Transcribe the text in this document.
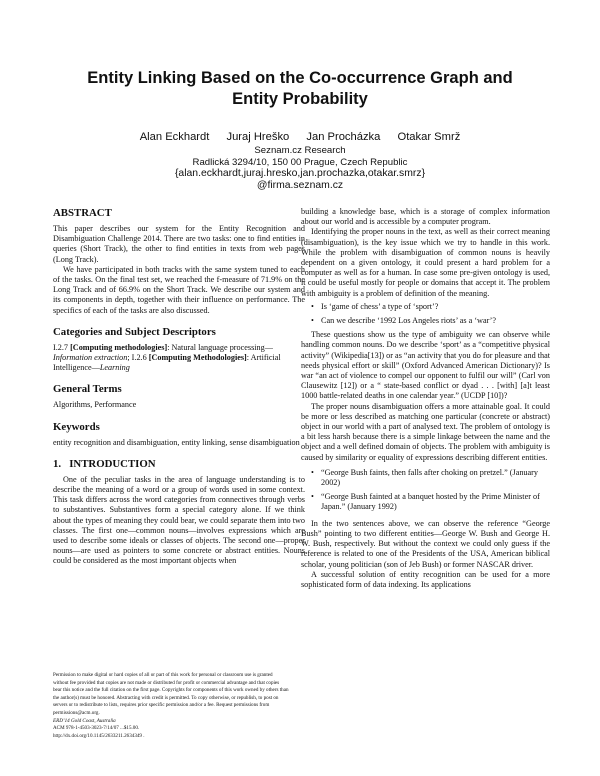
Entity Linking Based on the Co-occurrence Graph and
Entity Probability
Alan Eckhardt Juraj Hreško Jan Procházka Otakar Smrž
Seznam.cz Research
Radlická 3294/10, 150 00 Prague, Czech Republic
{alan.eckhardt,juraj.hresko,jan.prochazka,otakar.smrz}
@firma.seznam.cz
ABSTRACT

This paper describes our system for the Entity Recognition and Disambiguation Challenge 2014. There are two tasks: one to find entities in queries (Short Track), the other to find entities in texts from web pages (Long Track).

We have participated in both tracks with the same system tuned to each of the tasks. On the final test set, we reached the f-measure of 71.9% on the Long Track and of 66.9% on the Short Track. We describe our system and its components in depth, together with their influence on performance. The specifics of each of the tasks are also discussed.

Categories and Subject Descriptors

I.2.7 [Computing methodologies]: Natural language processing—Information extraction; I.2.6 [Computing Methodologies]: Artificial Intelligence—Learning

General Terms

Algorithms, Performance

Keywords

entity recognition and disambiguation, entity linking, sense disambiguation

1.   INTRODUCTION

One of the peculiar tasks in the area of language understanding is to describe the meaning of a word or a group of words used in some context. This task differs across the word categories from connectives through verbs to substantives. Substantives form a special category alone. If we think about the types of meaning they could bear, we could separate them into two classes. The first one—common nouns—involves expressions which are used to describe some ideals or classes of objects. The second one—proper nouns—are used as pointers to some concrete or abstract entities. Nouns could be considered as the most important objects when

Permission to make digital or hard copies of all or part of this work for personal or classroom use is granted without fee provided that copies are not made or distributed for profit or commercial advantage and that copies bear this notice and the full citation on the first page. Copyrights for components of this work owned by others than the author(s) must be honored. Abstracting with credit is permitted. To copy otherwise, or republish, to post on servers or to redistribute to lists, requires prior specific permission and/or a fee. Request permissions from permissions@acm.org.
ERD’14 Gold Coast, Australia
ACM 978-1-4503-3023-7/14/07 ...$15.00.
http://dx.doi.org/10.1145/2633211.2634349 .

building a knowledge base, which is a storage of complex information about our world and is accessible by a computer program.

Identifying the proper nouns in the text, as well as their correct meaning (disambiguation), is the key issue which we try to handle in this work. While the problem with disambiguation of common nouns is heavily dependent on a given ontology, it could present a hard problem for a computer as well as for a human. In case some pre-given ontology is used, it could be useful mostly for people or domains that accept it. The problem with ambiguity is a problem of definition of the meaning.

• Is ‘game of chess’ a type of ‘sport’?
• Can we describe ‘1992 Los Angeles riots’ as a ‘war’?

These questions show us the type of ambiguity we can observe while handling common nouns. Do we describe ‘sport’ as a “competitive physical activity” (Wikipedia[13]) or as “an activity that you do for pleasure and that needs physical effort or skill” (Oxford Advanced American Dictionary)? Is war “an act of violence to compel our opponent to fulfil our will” (Carl von Clausewitz [12]) or a “ state-based conflict or dyad . . . [with] [a]t least 1000 battle-related deaths in one calendar year.” (UCDP [10])?

The proper nouns disambiguation offers a more attainable goal. It could be more or less described as matching one particular (concrete or abstract) object in our world with a part of analysed text. The problem of ontology is a bit less harsh because there is a simple linkage between the name and the object and a well defined domain of objects. The problem with ambiguity is caused by similarity or equality of expressions describing different entities.

• “George Bush faints, then falls after choking on pretzel.” (January 2002)
• “George Bush fainted at a banquet hosted by the Prime Minister of Japan.” (January 1992)

In the two sentences above, we can observe the reference “George Bush” pointing to two different entities—George W. Bush and George H. W. Bush, respectively. But without the context we could only guess if the reference is related to one of the Presidents of the USA, American biblical scholar, young politician (son of Jeb Bush) or former NASCAR driver.

A successful solution of entity recognition can be used for a more sophisticated form of data indexing. Its applications
